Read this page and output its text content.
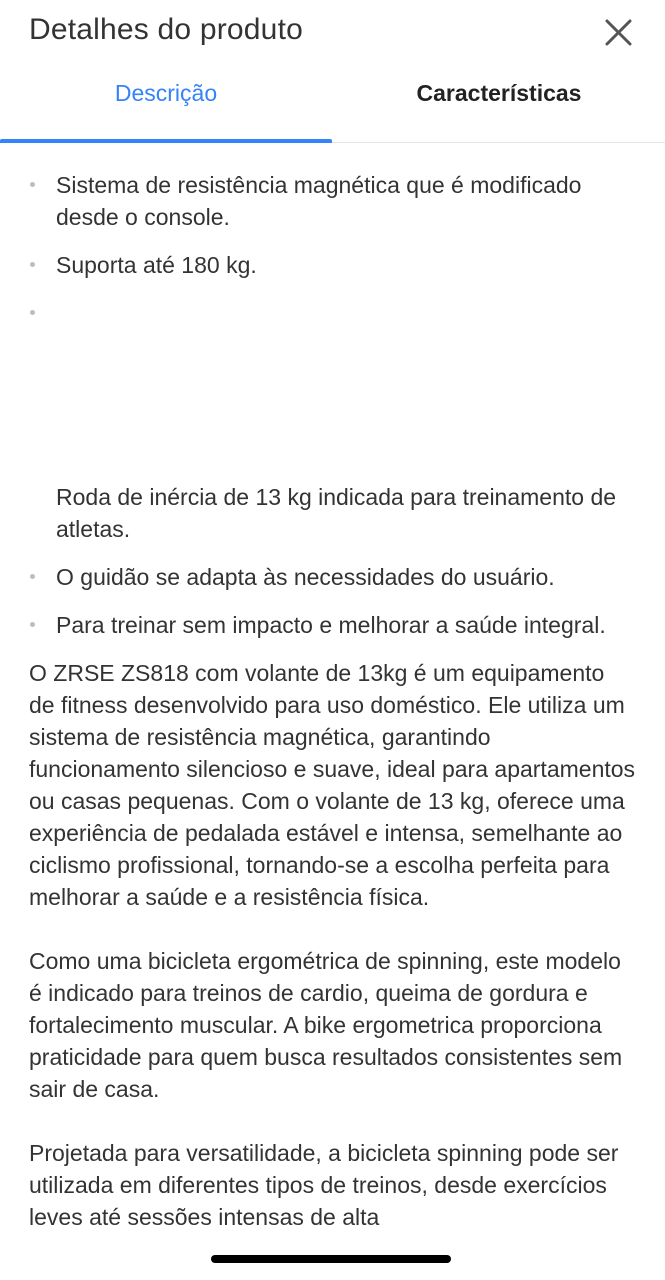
Detalhes do produto
Descrição	Características
Sistema de resistência magnética que é modificado desde o console.
Suporta até 180 kg.
Roda de inércia de 13 kg indicada para treinamento de atletas.
O guidão se adapta às necessidades do usuário.
Para treinar sem impacto e melhorar a saúde integral.

O ZRSE ZS818 com volante de 13kg é um equipamento de fitness desenvolvido para uso doméstico. Ele utiliza um sistema de resistência magnética, garantindo funcionamento silencioso e suave, ideal para apartamentos ou casas pequenas. Com o volante de 13 kg, oferece uma experiência de pedalada estável e intensa, semelhante ao ciclismo profissional, tornando-se a escolha perfeita para melhorar a saúde e a resistência física.

Como uma bicicleta ergométrica de spinning, este modelo é indicado para treinos de cardio, queima de gordura e fortalecimento muscular. A bike ergometrica proporciona praticidade para quem busca resultados consistentes sem sair de casa.

Projetada para versatilidade, a bicicleta spinning pode ser utilizada em diferentes tipos de treinos, desde exercícios leves até sessões intensas de alta
